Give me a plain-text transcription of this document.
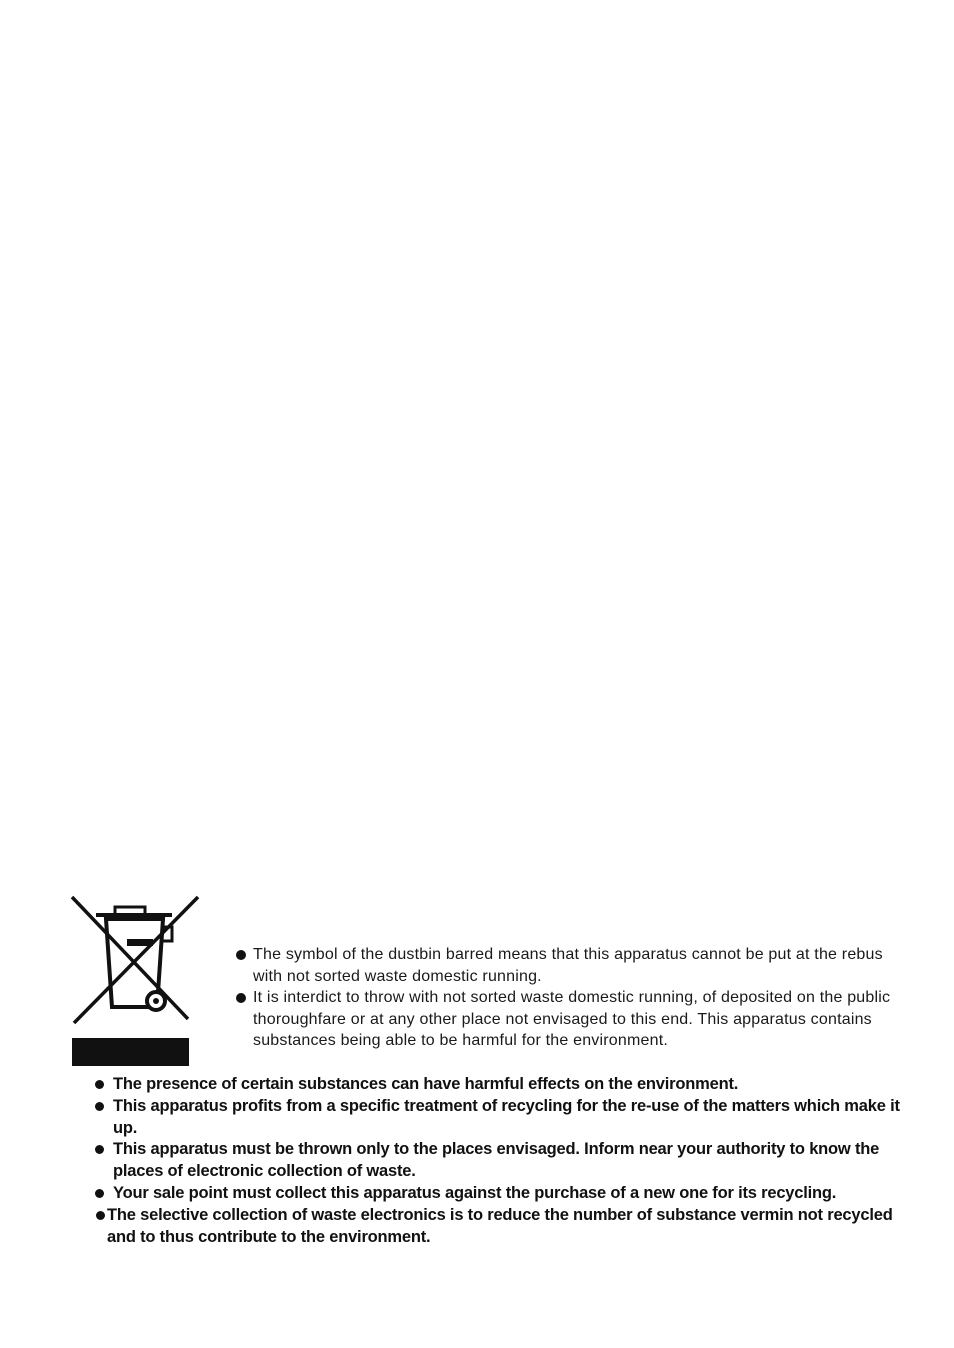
The symbol of the dustbin barred means that this apparatus cannot be put at the rebus with not sorted waste domestic running.
It is interdict to throw with not sorted waste domestic running, of deposited on the public thoroughfare or at any other place not envisaged to this end. This apparatus contains substances being able to be harmful for the environment.
The presence of certain substances can have harmful effects on the environment.
This apparatus profits from a specific treatment of recycling for the re-use of the matters which make it up.
This apparatus must be thrown only to the places envisaged. Inform near your authority to know the places of electronic collection of waste.
Your sale point must collect this apparatus against the purchase of a new one for its recycling.
The selective collection of waste electronics is to reduce the number of substance vermin not recycled and to thus contribute to the environment.
